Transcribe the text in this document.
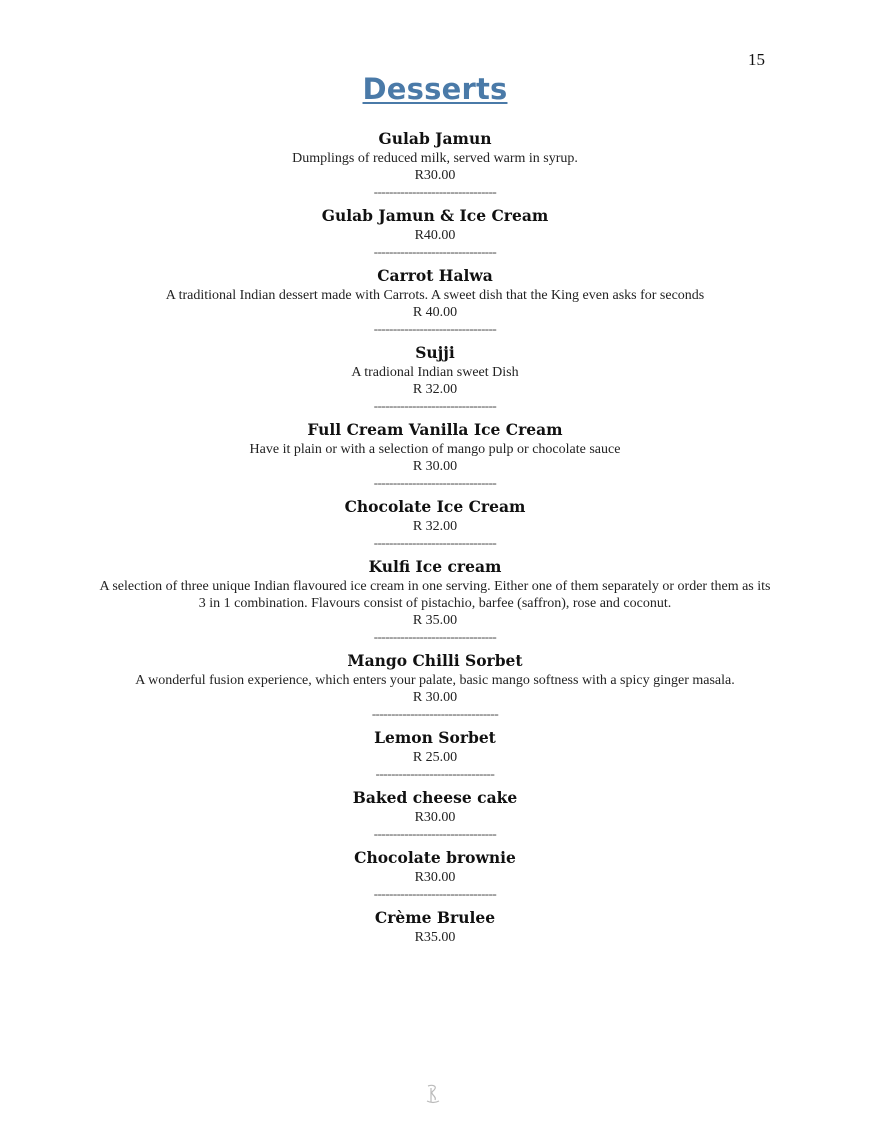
15
Desserts
Gulab Jamun
Dumplings of reduced milk, served warm in syrup.
R30.00
--------------------------------
Gulab Jamun & Ice Cream
R40.00
--------------------------------
Carrot Halwa
A traditional Indian dessert made with Carrots. A sweet dish that the King even asks for seconds
R 40.00
--------------------------------
Sujji
A tradional Indian sweet Dish
R 32.00
--------------------------------
Full Cream Vanilla Ice Cream
Have it plain or with a selection of mango pulp or chocolate sauce
R 30.00
--------------------------------
Chocolate Ice Cream
R 32.00
--------------------------------
Kulfi Ice cream
A selection of three unique Indian flavoured ice cream in one serving. Either one of them separately or order them as its 3 in 1 combination. Flavours consist of pistachio, barfee (saffron), rose and coconut.
R 35.00
--------------------------------
Mango Chilli Sorbet
A wonderful fusion experience, which enters your palate, basic mango softness with a spicy ginger masala.
R 30.00
---------------------------------
Lemon Sorbet
R 25.00
-------------------------------
Baked cheese cake
R30.00
--------------------------------
Chocolate brownie
R30.00
--------------------------------
Crème Brulee
R35.00
